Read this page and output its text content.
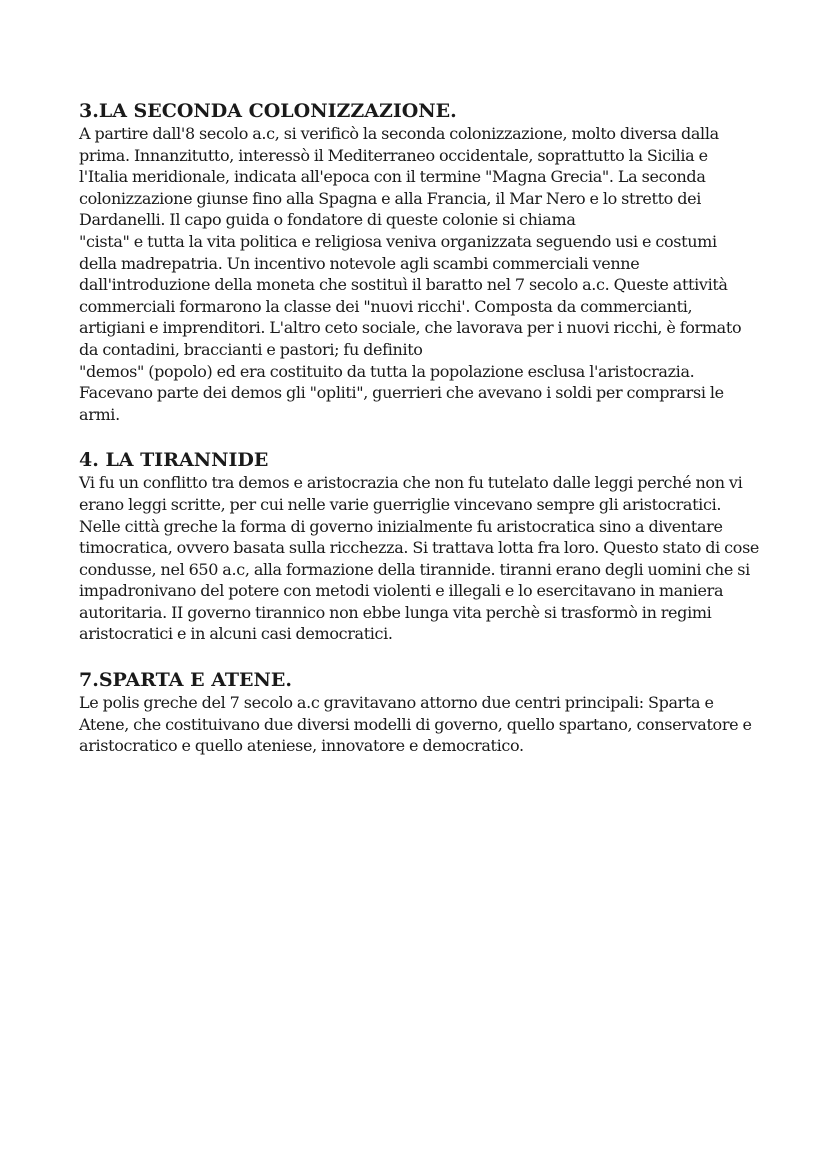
3.LA SECONDA COLONIZZAZIONE.
A partire dall'8 secolo a.c, si verificò la seconda colonizzazione, molto diversa dalla
prima. Innanzitutto, interessò il Mediterraneo occidentale, soprattutto la Sicilia e
l'Italia meridionale, indicata all'epoca con il termine "Magna Grecia". La seconda
colonizzazione giunse fino alla Spagna e alla Francia, il Mar Nero e lo stretto dei
Dardanelli. Il capo guida o fondatore di queste colonie si chiama
"cista" e tutta la vita politica e religiosa veniva organizzata seguendo usi e costumi
della madrepatria. Un incentivo notevole agli scambi commerciali venne
dall'introduzione della moneta che sostituì il baratto nel 7 secolo a.c. Queste attività
commerciali formarono la classe dei "nuovi ricchi'. Composta da commercianti,
artigiani e imprenditori. L'altro ceto sociale, che lavorava per i nuovi ricchi, è formato
da contadini, braccianti e pastori; fu definito
"demos" (popolo) ed era costituito da tutta la popolazione esclusa l'aristocrazia.
Facevano parte dei demos gli "opliti", guerrieri che avevano i soldi per comprarsi le
armi.
4. LA TIRANNIDE
Vi fu un conflitto tra demos e aristocrazia che non fu tutelato dalle leggi perché non vi
erano leggi scritte, per cui nelle varie guerriglie vincevano sempre gli aristocratici.
Nelle città greche la forma di governo inizialmente fu aristocratica sino a diventare
timocratica, ovvero basata sulla ricchezza. Si trattava lotta fra loro. Questo stato di cose
condusse, nel 650 a.c, alla formazione della tirannide. tiranni erano degli uomini che si
impadronivano del potere con metodi violenti e illegali e lo esercitavano in maniera
autoritaria. II governo tirannico non ebbe lunga vita perchè si trasformò in regimi
aristocratici e in alcuni casi democratici.
7.SPARTA E ATENE.
Le polis greche del 7 secolo a.c gravitavano attorno due centri principali: Sparta e
Atene, che costituivano due diversi modelli di governo, quello spartano, conservatore e
aristocratico e quello ateniese, innovatore e democratico.
